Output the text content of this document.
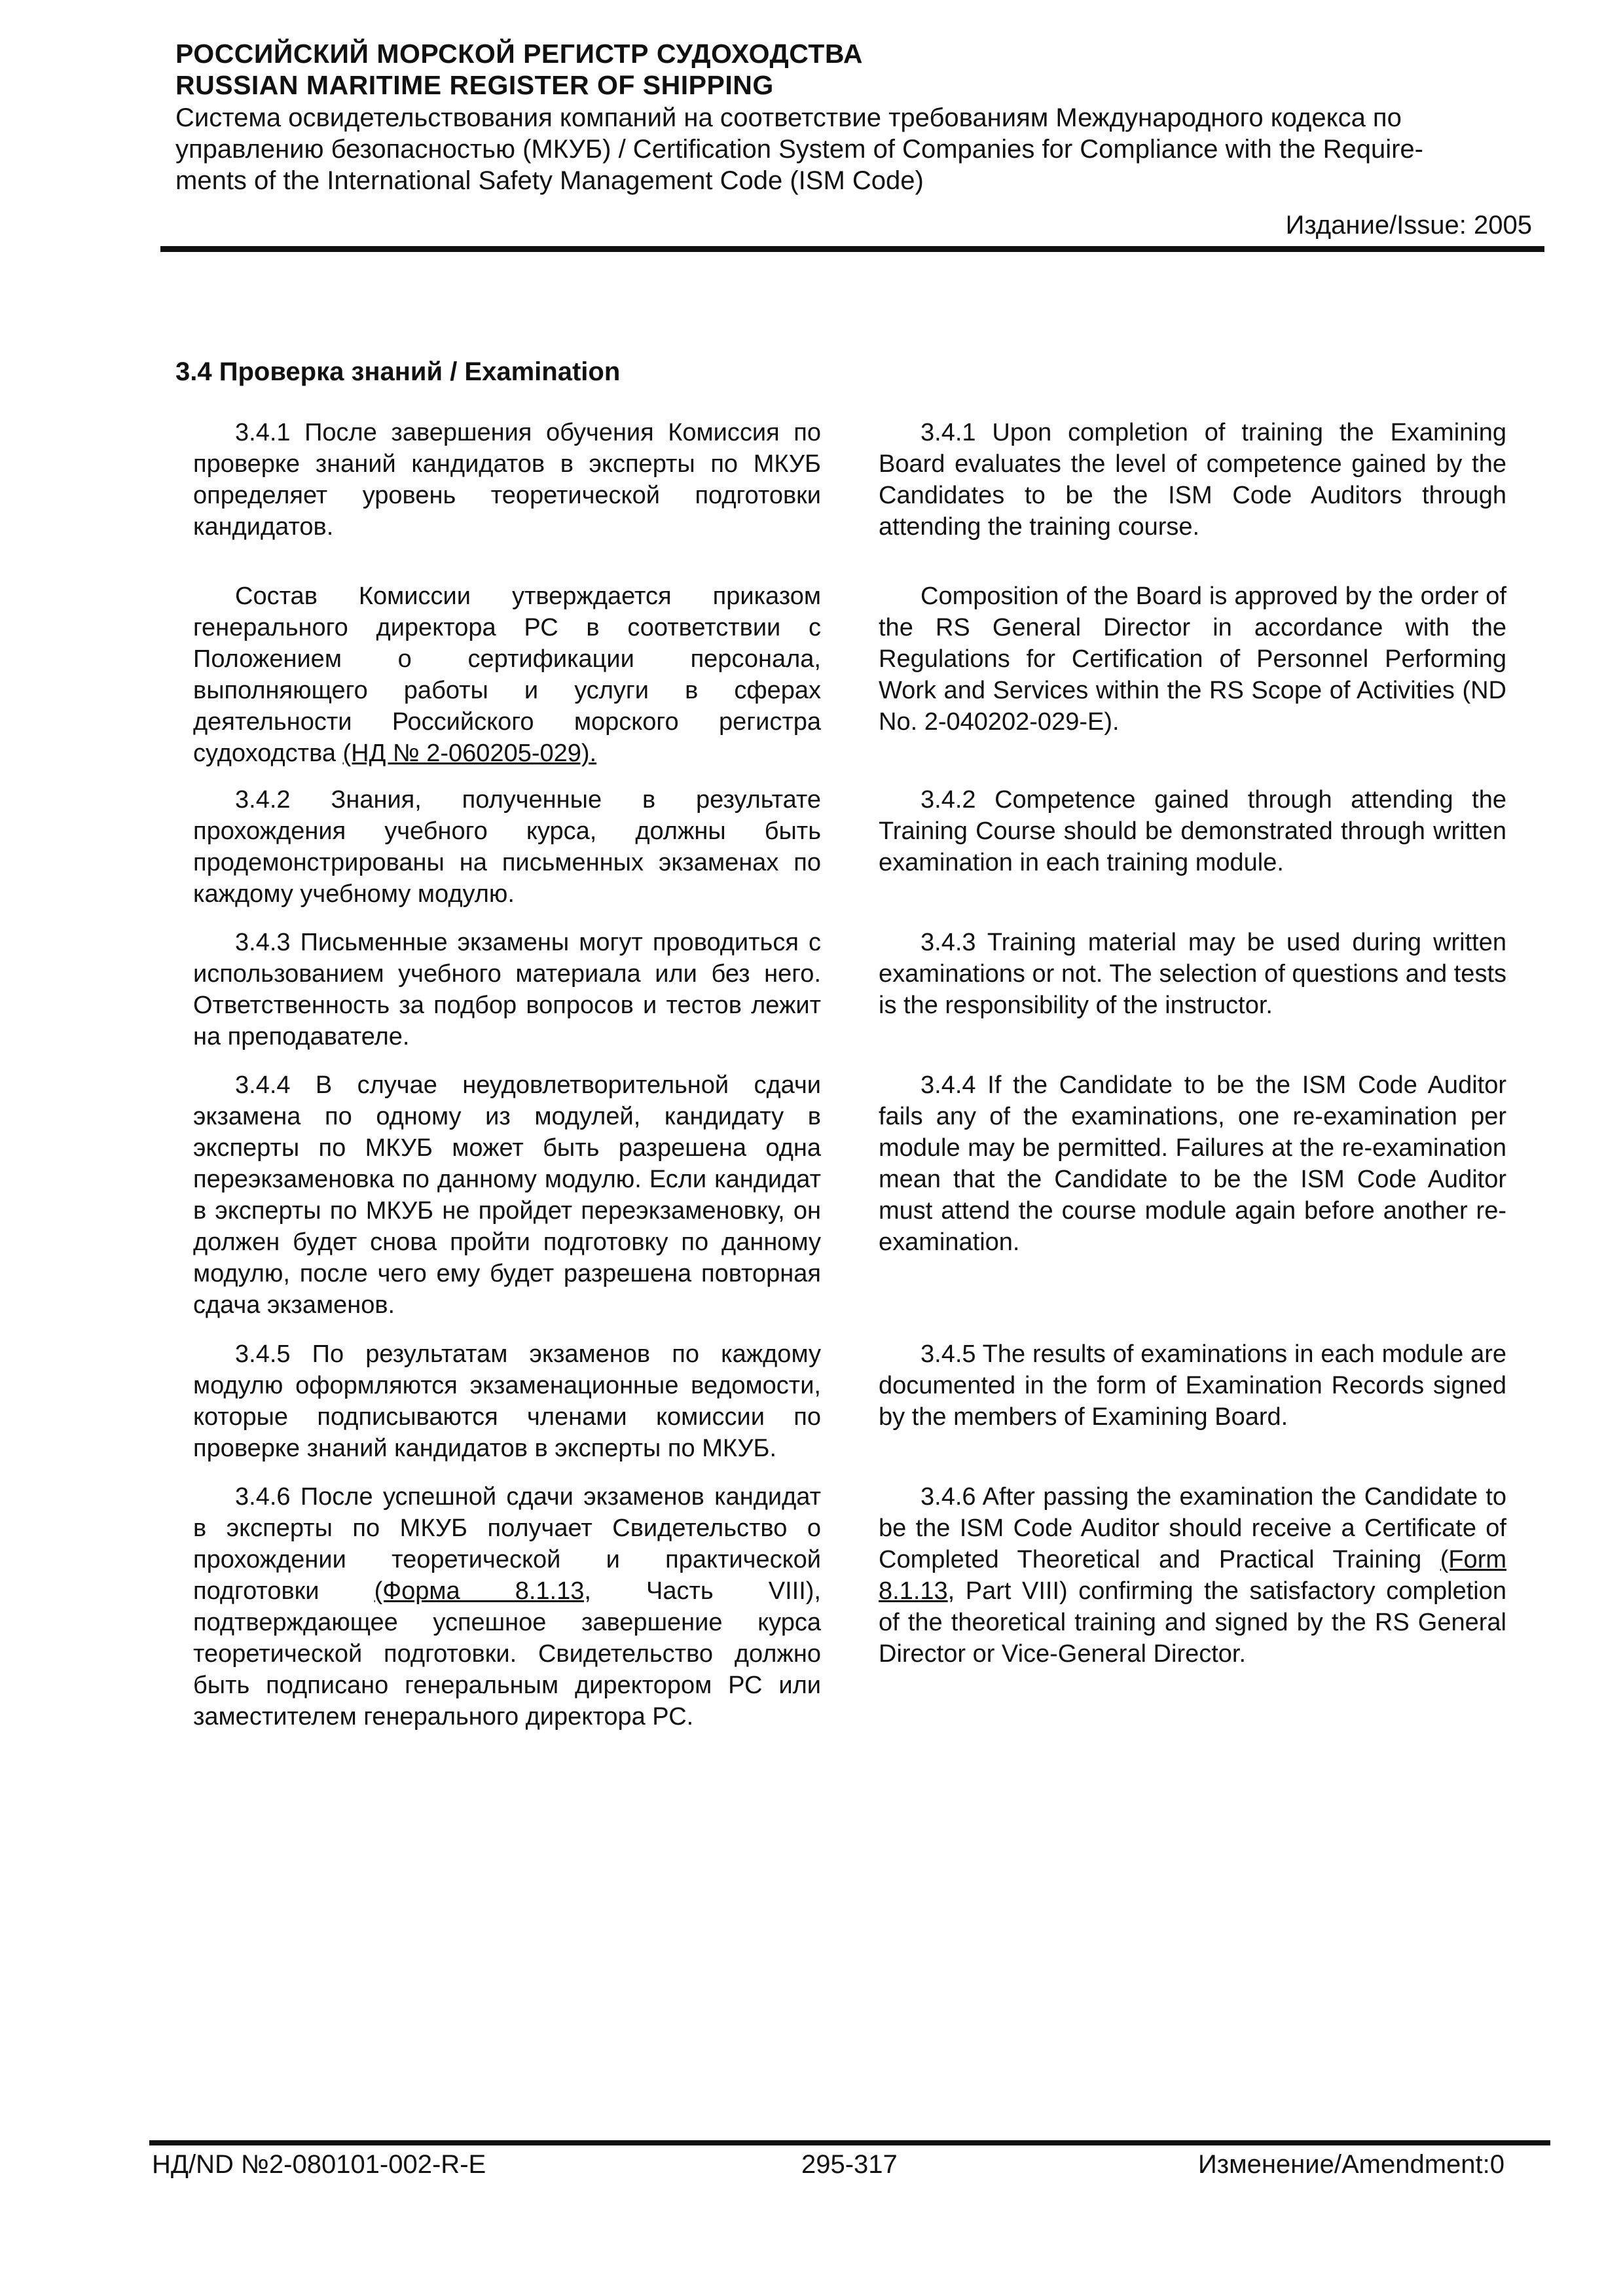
РОССИЙСКИЙ МОРСКОЙ РЕГИСТР СУДОХОДСТВА
RUSSIAN MARITIME REGISTER OF SHIPPING
Система освидетельствования компаний на соответствие требованиям Международного кодекса по
управлению безопасностью (МКУБ) / Certification System of Companies for Compliance with the Require-
ments of the International Safety Management Code (ISM Code)
Издание/Issue: 2005
3.4 Проверка знаний / Examination

3.4.1 После завершения обучения Комиссия по проверке знаний кандидатов в эксперты по МКУБ определяет уровень теоретической подготовки кандидатов.

Состав Комиссии утверждается приказом генерального директора РС в соответствии с Положением о сертификации персонала, выполняющего работы и услуги в сферах деятельности Российского морского регистра судоходства (НД № 2-060205-029).

3.4.2 Знания, полученные в результате прохождения учебного курса, должны быть продемонстрированы на письменных экзаменах по каждому учебному модулю.

3.4.3 Письменные экзамены могут проводиться с использованием учебного материала или без него. Ответственность за подбор вопросов и тестов лежит на преподавателе.

3.4.4 В случае неудовлетворительной сдачи экзамена по одному из модулей, кандидату в эксперты по МКУБ может быть разрешена одна переэкзаменовка по данному модулю. Если кандидат в эксперты по МКУБ не пройдет переэкзаменовку, он должен будет снова пройти подготовку по данному модулю, после чего ему будет разрешена повторная сдача экзаменов.

3.4.5 По результатам экзаменов по каждому модулю оформляются экзаменационные ведомости, которые подписываются членами комиссии по проверке знаний кандидатов в эксперты по МКУБ.

3.4.6 После успешной сдачи экзаменов кандидат в эксперты по МКУБ получает Свидетельство о прохождении теоретической и практической подготовки (Форма 8.1.13, Часть VIII), подтверждающее успешное завершение курса теоретической подготовки. Свидетельство должно быть подписано генеральным директором РС или заместителем генерального директора РС.

3.4.1 Upon completion of training the Examining Board evaluates the level of competence gained by the Candidates to be the ISM Code Auditors through attending the training course.

Composition of the Board is approved by the order of the RS General Director in accordance with the Regulations for Certification of Personnel Performing Work and Services within the RS Scope of Activities (ND No. 2-040202-029-E).

3.4.2 Competence gained through attending the Training Course should be demonstrated through written examination in each training module.

3.4.3 Training material may be used during written examinations or not. The selection of questions and tests is the responsibility of the instructor.

3.4.4 If the Candidate to be the ISM Code Auditor fails any of the examinations, one re-examination per module may be permitted. Failures at the re-examination mean that the Candidate to be the ISM Code Auditor must attend the course module again before another re-examination.

3.4.5 The results of examinations in each module are documented in the form of Examination Records signed by the members of Examining Board.

3.4.6 After passing the examination the Candidate to be the ISM Code Auditor should receive a Certificate of Completed Theoretical and Practical Training (Form 8.1.13, Part VIII) confirming the satisfactory completion of the theoretical training and signed by the RS General Director or Vice-General Director.

НД/ND №2-080101-002-R-E	295-317	Изменение/Amendment:0
